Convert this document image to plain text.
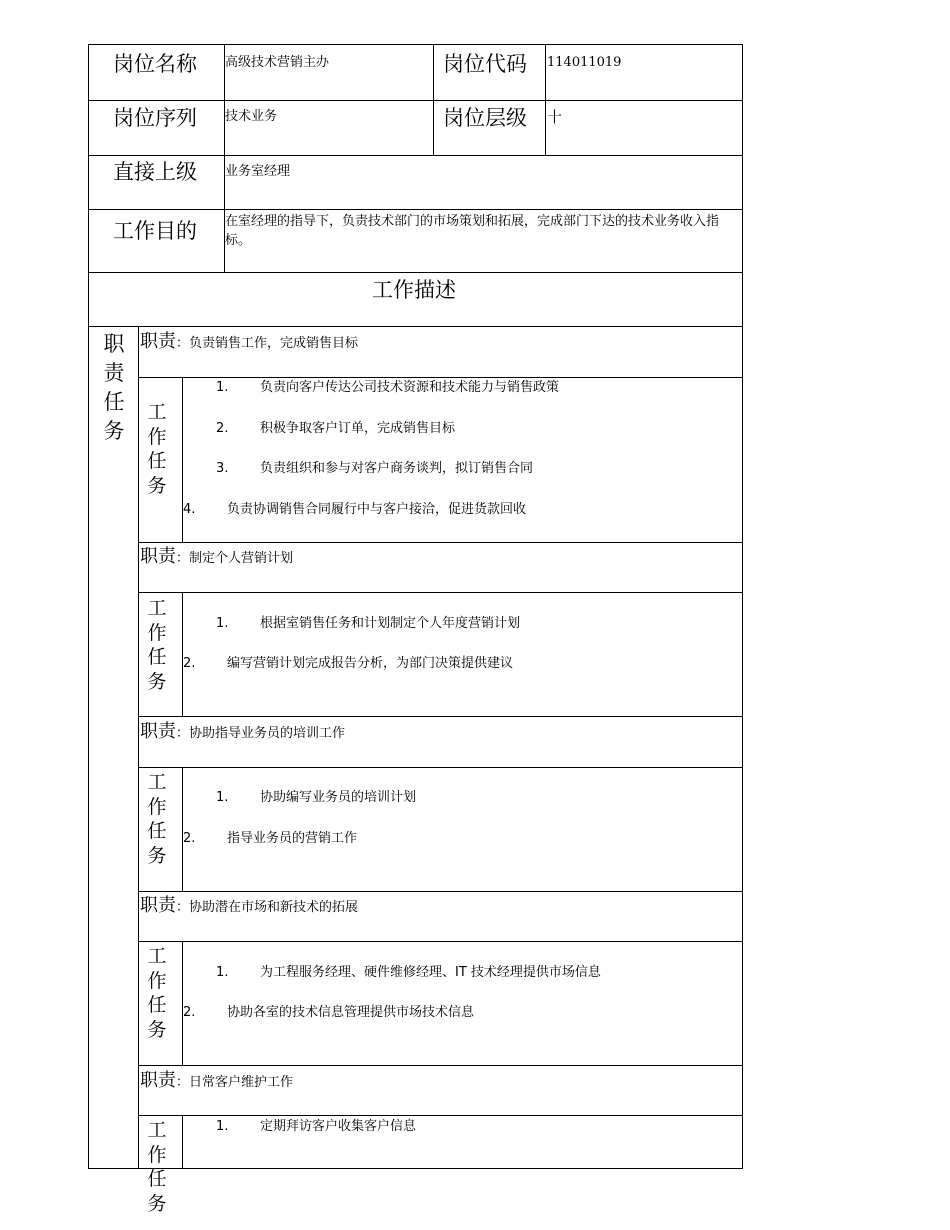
岗位名称 高级技术营销主办	岗位代码 114011019
岗位序列 技术业务	岗位层级 十
直接上级 业务室经理
工作目的 在室经理的指导下，负责技术部门的市场策划和拓展，完成部门下达的技术业务收入指标。
工作描述
职责任务
职责：负责销售工作，完成销售目标
工作任务
1. 负责向客户传达公司技术资源和技术能力与销售政策
2. 积极争取客户订单，完成销售目标
3. 负责组织和参与对客户商务谈判，拟订销售合同
4. 负责协调销售合同履行中与客户接洽，促进货款回收
职责：制定个人营销计划
工作任务
1. 根据室销售任务和计划制定个人年度营销计划
2. 编写营销计划完成报告分析，为部门决策提供建议
职责：协助指导业务员的培训工作
工作任务
1. 协助编写业务员的培训计划
2. 指导业务员的营销工作
职责：协助潜在市场和新技术的拓展
工作任务
1. 为工程服务经理、硬件维修经理、IT 技术经理提供市场信息
2. 协助各室的技术信息管理提供市场技术信息
职责：日常客户维护工作
工作任务
1. 定期拜访客户收集客户信息
